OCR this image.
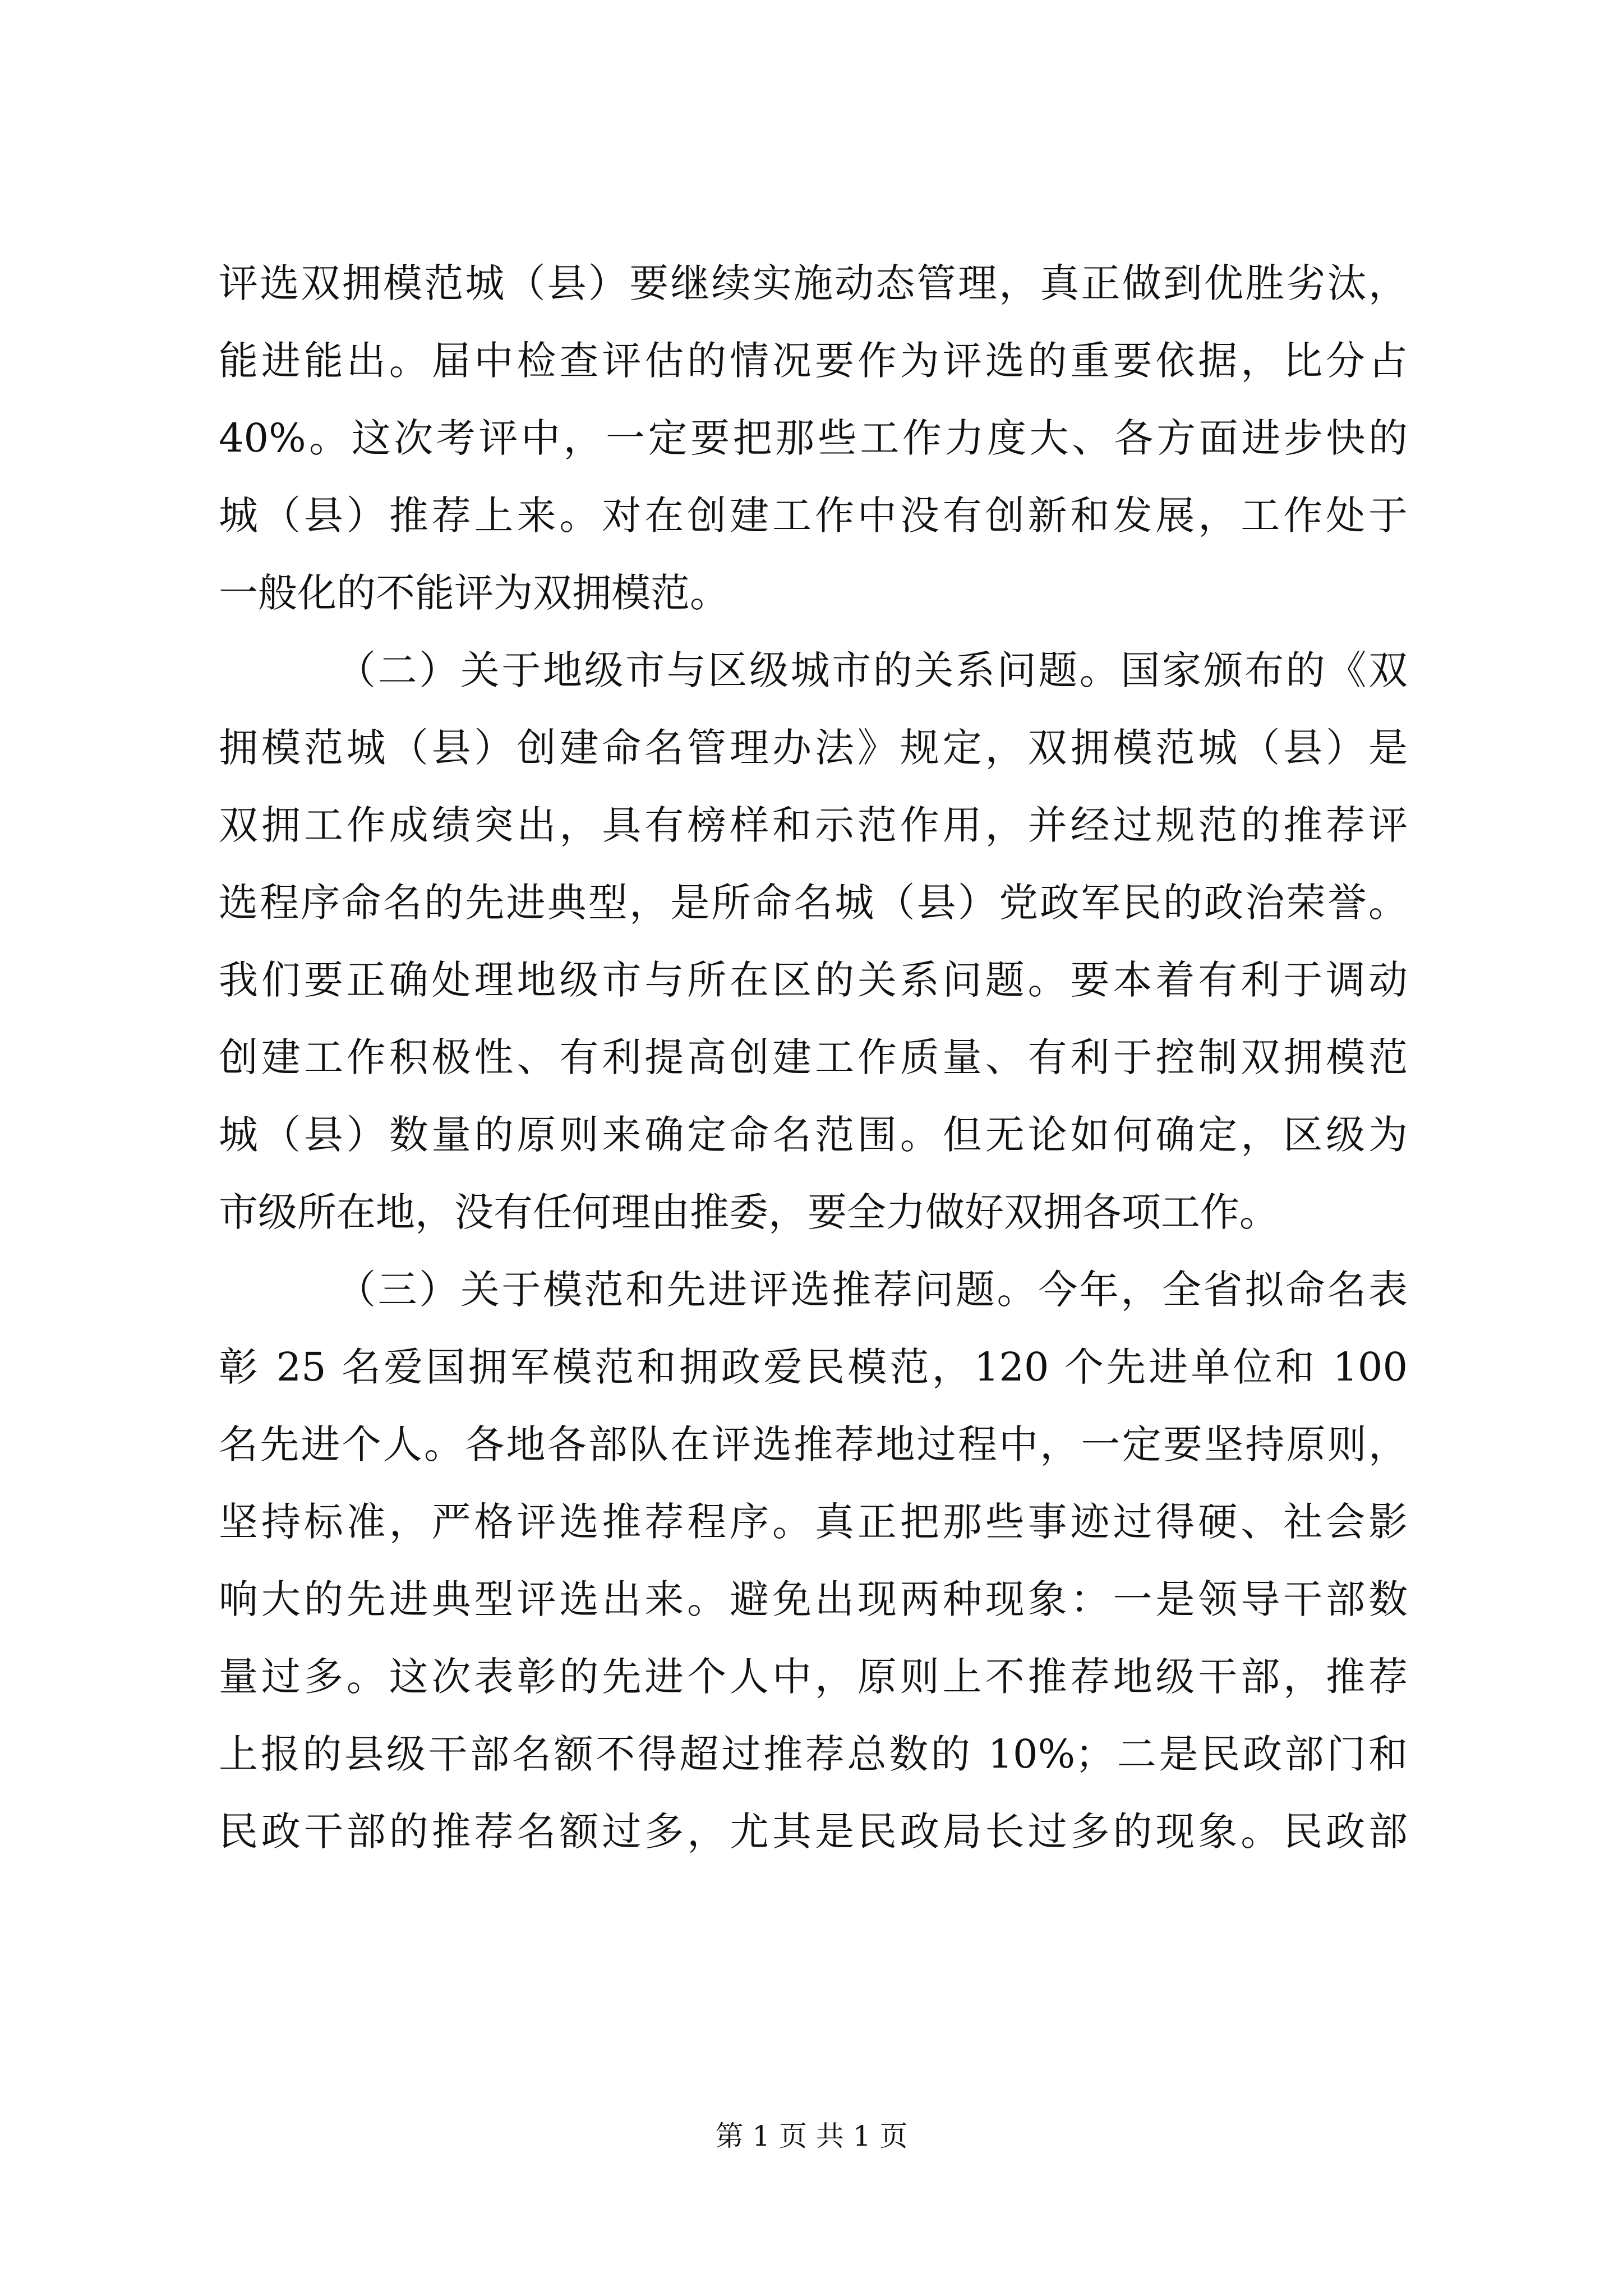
评选双拥模范城（县）要继续实施动态管理，真正做到优胜劣汰，
能进能出。届中检查评估的情况要作为评选的重要依据，比分占
40%。这次考评中，一定要把那些工作力度大、各方面进步快的
城（县）推荐上来。对在创建工作中没有创新和发展，工作处于
一般化的不能评为双拥模范。
（二）关于地级市与区级城市的关系问题。国家颁布的《双
拥模范城（县）创建命名管理办法》规定，双拥模范城（县）是
双拥工作成绩突出，具有榜样和示范作用，并经过规范的推荐评
选程序命名的先进典型，是所命名城（县）党政军民的政治荣誉。
我们要正确处理地级市与所在区的关系问题。要本着有利于调动
创建工作积极性、有利提高创建工作质量、有利于控制双拥模范
城（县）数量的原则来确定命名范围。但无论如何确定，区级为
市级所在地，没有任何理由推委，要全力做好双拥各项工作。
（三）关于模范和先进评选推荐问题。今年，全省拟命名表
彰 25 名爱国拥军模范和拥政爱民模范，120 个先进单位和 100
名先进个人。各地各部队在评选推荐地过程中，一定要坚持原则，
坚持标准，严格评选推荐程序。真正把那些事迹过得硬、社会影
响大的先进典型评选出来。避免出现两种现象：一是领导干部数
量过多。这次表彰的先进个人中，原则上不推荐地级干部，推荐
上报的县级干部名额不得超过推荐总数的 10%；二是民政部门和
民政干部的推荐名额过多，尤其是民政局长过多的现象。民政部
第 1 页 共 1 页
